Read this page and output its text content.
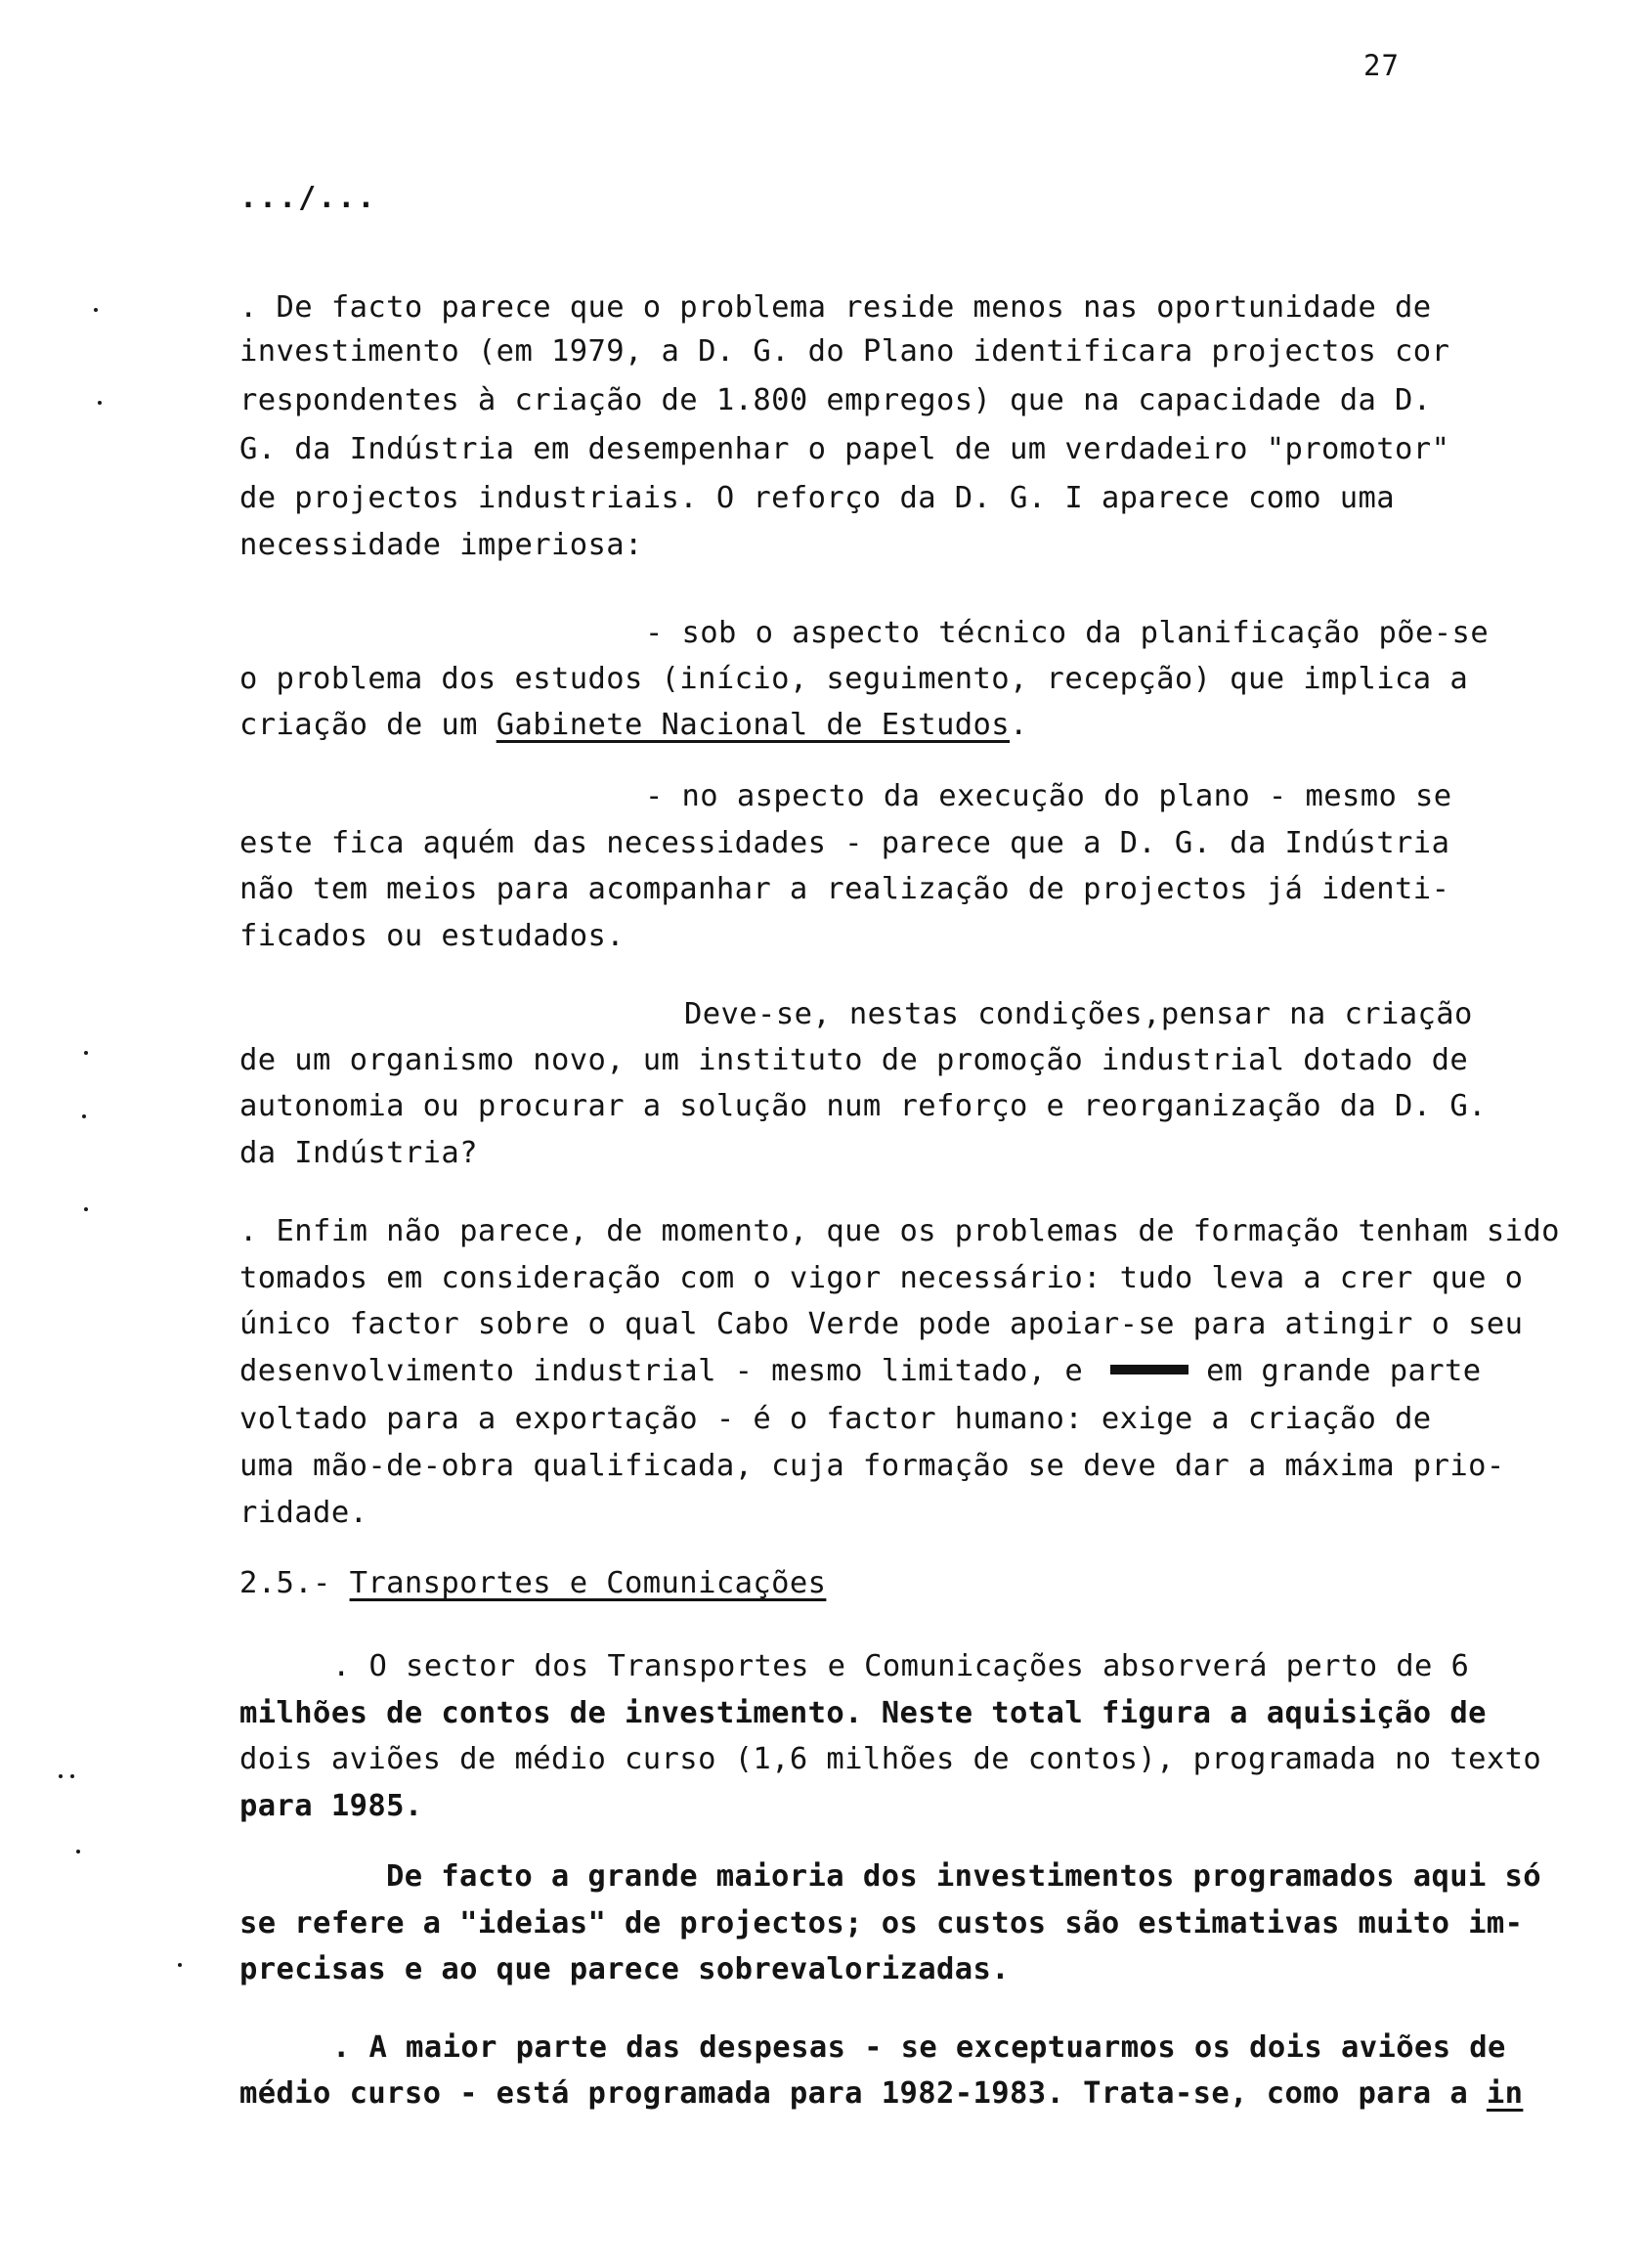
27
.../...
. De facto parece que o problema reside menos nas oportunidade de
investimento (em 1979, a D. G. do Plano identificara projectos cor
respondentes à criação de 1.800 empregos) que na capacidade da D.
G. da Indústria em desempenhar o papel de um verdadeiro "promotor"
de projectos industriais. O reforço da D. G. I aparece como uma
necessidade imperiosa:
- sob o aspecto técnico da planificação põe-se
o problema dos estudos (início, seguimento, recepção) que implica a
criação de um Gabinete Nacional de Estudos.
- no aspecto da execução do plano - mesmo se
este fica aquém das necessidades - parece que a D. G. da Indústria
não tem meios para acompanhar a realização de projectos já identi-
ficados ou estudados.
Deve-se, nestas condições,pensar na criação
de um organismo novo, um instituto de promoção industrial dotado de
autonomia ou procurar a solução num reforço e reorganização da D. G.
da Indústria?
. Enfim não parece, de momento, que os problemas de formação tenham sido
tomados em consideração com o vigor necessário: tudo leva a crer que o
único factor sobre o qual Cabo Verde pode apoiar-se para atingir o seu
desenvolvimento industrial - mesmo limitado, e	em grande parte
voltado para a exportação - é o factor humano: exige a criação de
uma mão-de-obra qualificada, cuja formação se deve dar a máxima prio-
ridade.
2.5.- Transportes e Comunicações
. O sector dos Transportes e Comunicações absorverá perto de 6
milhões de contos de investimento. Neste total figura a aquisição de
dois aviões de médio curso (1,6 milhões de contos), programada no texto
para 1985.
De facto a grande maioria dos investimentos programados aqui só
se refere a "ideias" de projectos; os custos são estimativas muito im-
precisas e ao que parece sobrevalorizadas.
. A maior parte das despesas - se exceptuarmos os dois aviões de
médio curso - está programada para 1982-1983. Trata-se, como para a in
